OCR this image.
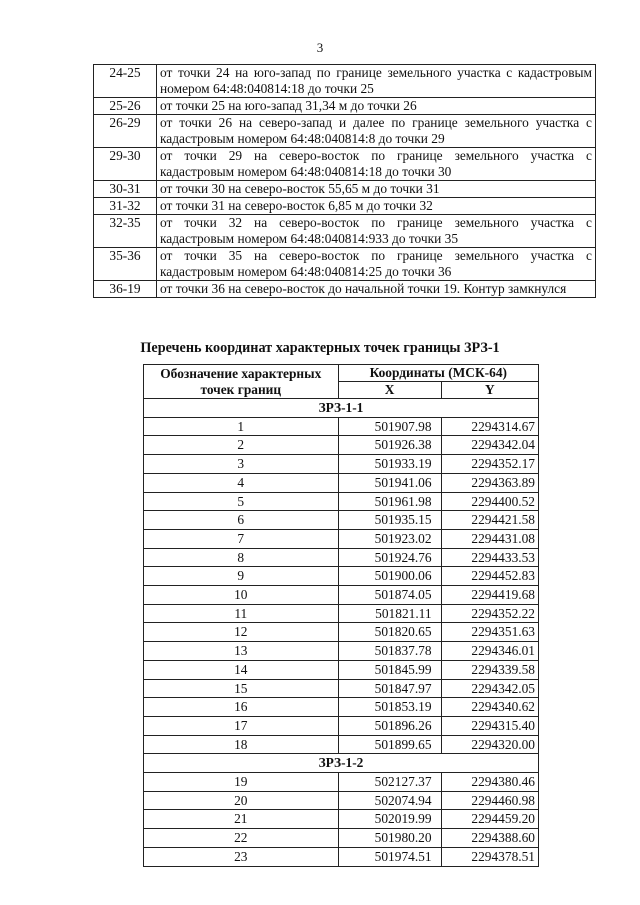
3
24-25	от точки 24 на юго-запад по границе земельного участка с кадастровым номером 64:48:040814:18 до точки 25
25-26	от точки 25 на юго-запад 31,34 м до точки 26
26-29	от точки 26 на северо-запад и далее по границе земельного участка с кадастровым номером 64:48:040814:8 до точки 29
29-30	от точки 29 на северо-восток по границе земельного участка с кадастровым номером 64:48:040814:18 до точки 30
30-31	от точки 30 на северо-восток 55,65 м до точки 31
31-32	от точки 31 на северо-восток 6,85 м до точки 32
32-35	от точки 32 на северо-восток по границе земельного участка с кадастровым номером 64:48:040814:933 до точки 35
35-36	от точки 35 на северо-восток по границе земельного участка с кадастровым номером 64:48:040814:25 до точки 36
36-19	от точки 36 на северо-восток до начальной точки 19. Контур замкнулся
Перечень координат характерных точек границы ЗРЗ-1
Обозначение характерных точек границ	Координаты (МСК-64)	
	X	Y
ЗРЗ-1-1		
1	501907.98	2294314.67
2	501926.38	2294342.04
3	501933.19	2294352.17
4	501941.06	2294363.89
5	501961.98	2294400.52
6	501935.15	2294421.58
7	501923.02	2294431.08
8	501924.76	2294433.53
9	501900.06	2294452.83
10	501874.05	2294419.68
11	501821.11	2294352.22
12	501820.65	2294351.63
13	501837.78	2294346.01
14	501845.99	2294339.58
15	501847.97	2294342.05
16	501853.19	2294340.62
17	501896.26	2294315.40
18	501899.65	2294320.00
ЗРЗ-1-2		
19	502127.37	2294380.46
20	502074.94	2294460.98
21	502019.99	2294459.20
22	501980.20	2294388.60
23	501974.51	2294378.51
